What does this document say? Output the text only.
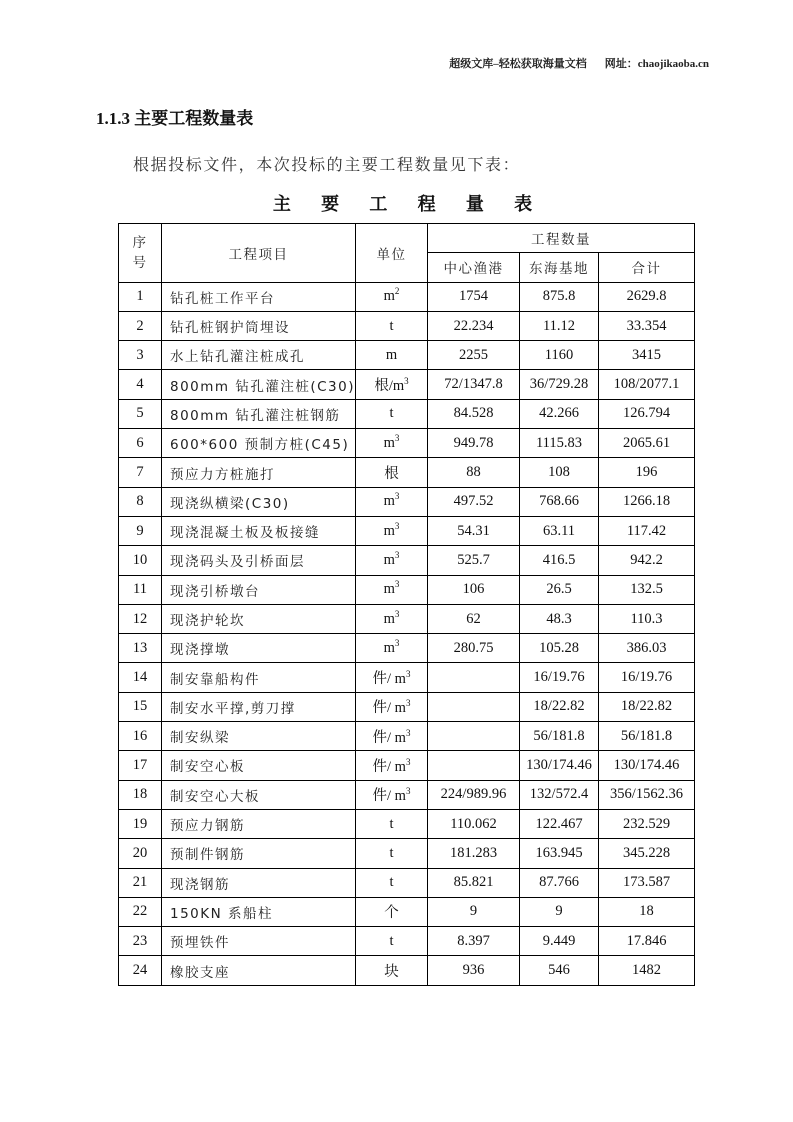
超级文库–轻松获取海量文档 网址：chaojikaoba.cn
1.1.3 主要工程数量表
根据投标文件，本次投标的主要工程数量见下表：
主 要 工 程 量 表
序
号	工程项目	单位	工程数量		
			中心渔港	东海基地	合计
1	钻孔桩工作平台	$m^2$	1754	875.8	2629.8
2	钻孔桩钢护筒埋设	t	22.234	11.12	33.354
3	水上钻孔灌注桩成孔	m	2255	1160	3415
4	800mm 钻孔灌注桩(C30)	根$/m^3$	72/1347.8	36/729.28	108/2077.1
5	800mm 钻孔灌注桩钢筋	t	84.528	42.266	126.794
6	600*600 预制方桩(C45)	$m^3$	949.78	1115.83	2065.61
7	预应力方桩施打	根	88	108	196
8	现浇纵横梁(C30)	$m^3$	497.52	768.66	1266.18
9	现浇混凝土板及板接缝	$m^3$	54.31	63.11	117.42
10	现浇码头及引桥面层	$m^3$	525.7	416.5	942.2
11	现浇引桥墩台	$m^3$	106	26.5	132.5
12	现浇护轮坎	$m^3$	62	48.3	110.3
13	现浇撑墩	$m^3$	280.75	105.28	386.03
14	制安靠船构件	件/ $m^3$		16/19.76	16/19.76
15	制安水平撑,剪刀撑	件/ $m^3$		18/22.82	18/22.82
16	制安纵梁	件/ $m^3$		56/181.8	56/181.8
17	制安空心板	件/ $m^3$		130/174.46	130/174.46
18	制安空心大板	件/ $m^3$	224/989.96	132/572.4	356/1562.36
19	预应力钢筋	t	110.062	122.467	232.529
20	预制件钢筋	t	181.283	163.945	345.228
21	现浇钢筋	t	85.821	87.766	173.587
22	150KN 系船柱	个	9	9	18
23	预埋铁件	t	8.397	9.449	17.846
24	橡胶支座	块	936	546	1482
